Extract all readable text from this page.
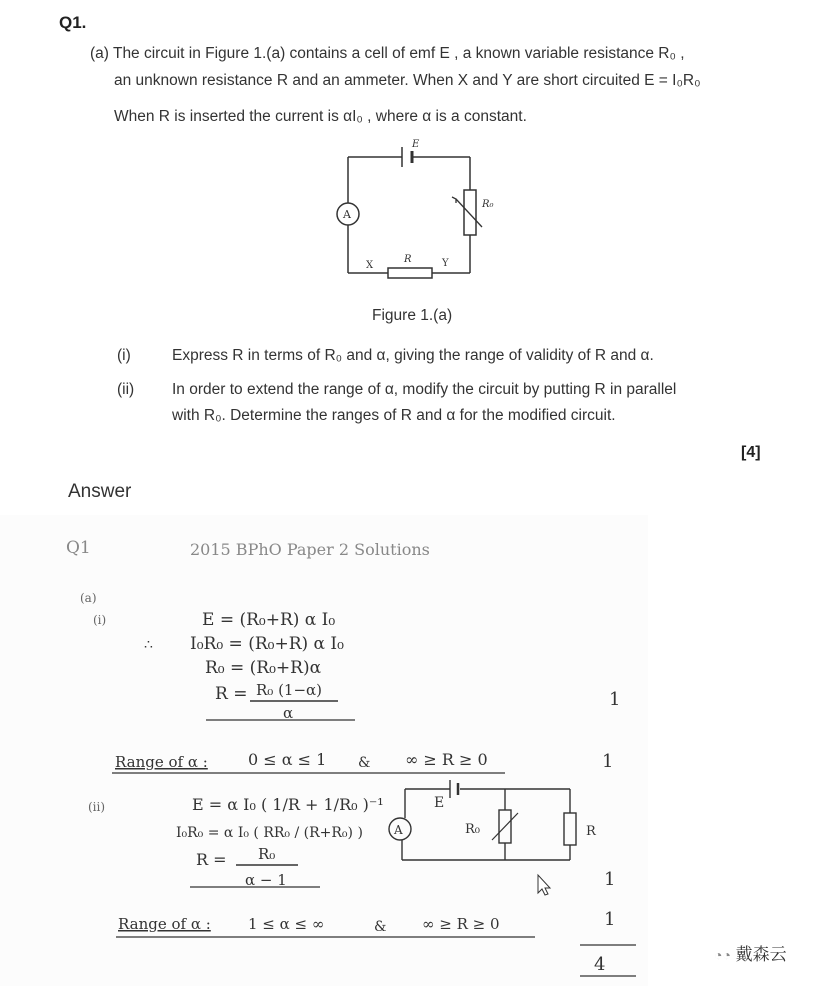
Q1.
(a) The circuit in Figure 1.(a) contains a cell of emf E , a known variable resistance R₀ ,
an unknown resistance R and an ammeter. When X and Y are short circuited E = I₀R₀
When R is inserted the current is αI₀ , where α is a constant.
E
A
R₀
R
X	Y
Figure 1.(a)
(i)	Express R in terms of R₀ and α, giving the range of validity of R and α.
(ii) In order to extend the range of α, modify the circuit by putting R in parallel
with R₀. Determine the ranges of R and α for the modified circuit.
[4]
Answer
Q1	2015 BPhO Paper 2 Solutions
(a)
(i)	E = (R₀+R) α I₀
∴ I₀R₀ = (R₀+R) α I₀
R₀ = (R₀+R)α
R = R₀ (1−α)
α
Range of α :	0 ≤ α ≤ 1 & ∞ ≥ R ≥ 0
(ii)	E = α I₀ ( 1/R + 1/R₀ )⁻¹
I₀R₀ = α I₀ ( RR₀ / (R+R₀) )
R = R₀
α − 1
Range of α : 1 ≤ α ≤ ∞	& ∞ ≥ R ≥ 0
E
A	R₀	R
1
1
1
1
4	◔◔ 戴森云
